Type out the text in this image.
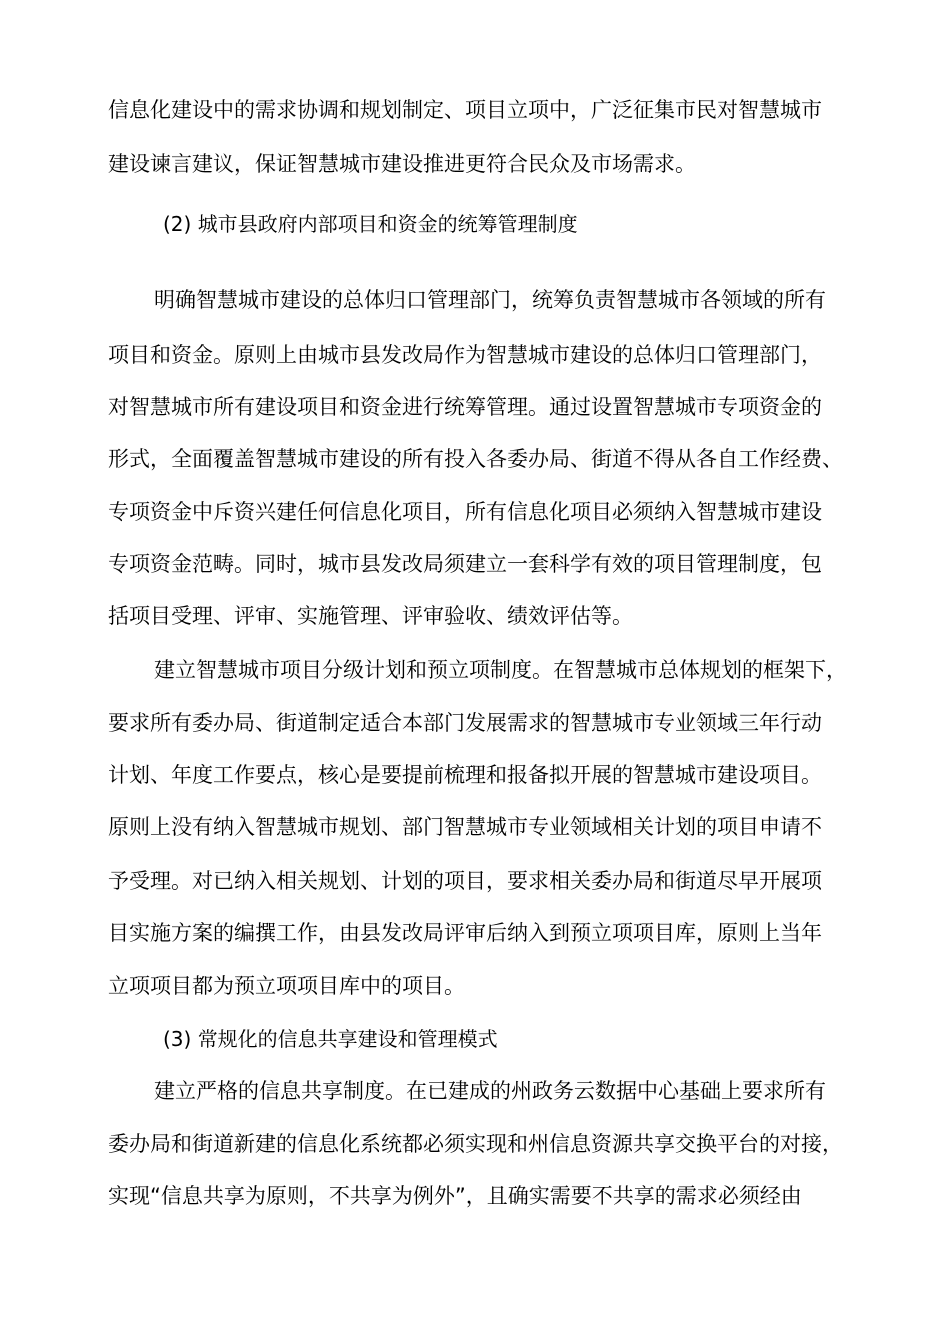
信息化建设中的需求协调和规划制定、项目立项中，广泛征集市民对智慧城市
建设谏言建议，保证智慧城市建设推进更符合民众及市场需求。
(2) 城市县政府内部项目和资金的统筹管理制度
明确智慧城市建设的总体归口管理部门，统筹负责智慧城市各领域的所有
项目和资金。原则上由城市县发改局作为智慧城市建设的总体归口管理部门，
对智慧城市所有建设项目和资金进行统筹管理。通过设置智慧城市专项资金的
形式，全面覆盖智慧城市建设的所有投入各委办局、街道不得从各自工作经费、
专项资金中斥资兴建任何信息化项目，所有信息化项目必须纳入智慧城市建设
专项资金范畴。同时，城市县发改局须建立一套科学有效的项目管理制度，包
括项目受理、评审、实施管理、评审验收、绩效评估等。
建立智慧城市项目分级计划和预立项制度。在智慧城市总体规划的框架下，
要求所有委办局、街道制定适合本部门发展需求的智慧城市专业领域三年行动
计划、年度工作要点，核心是要提前梳理和报备拟开展的智慧城市建设项目。
原则上没有纳入智慧城市规划、部门智慧城市专业领域相关计划的项目申请不
予受理。对已纳入相关规划、计划的项目，要求相关委办局和街道尽早开展项
目实施方案的编撰工作，由县发改局评审后纳入到预立项项目库，原则上当年
立项项目都为预立项项目库中的项目。
(3) 常规化的信息共享建设和管理模式
建立严格的信息共享制度。在已建成的州政务云数据中心基础上要求所有
委办局和街道新建的信息化系统都必须实现和州信息资源共享交换平台的对接，
实现“信息共享为原则，不共享为例外”，且确实需要不共享的需求必须经由
